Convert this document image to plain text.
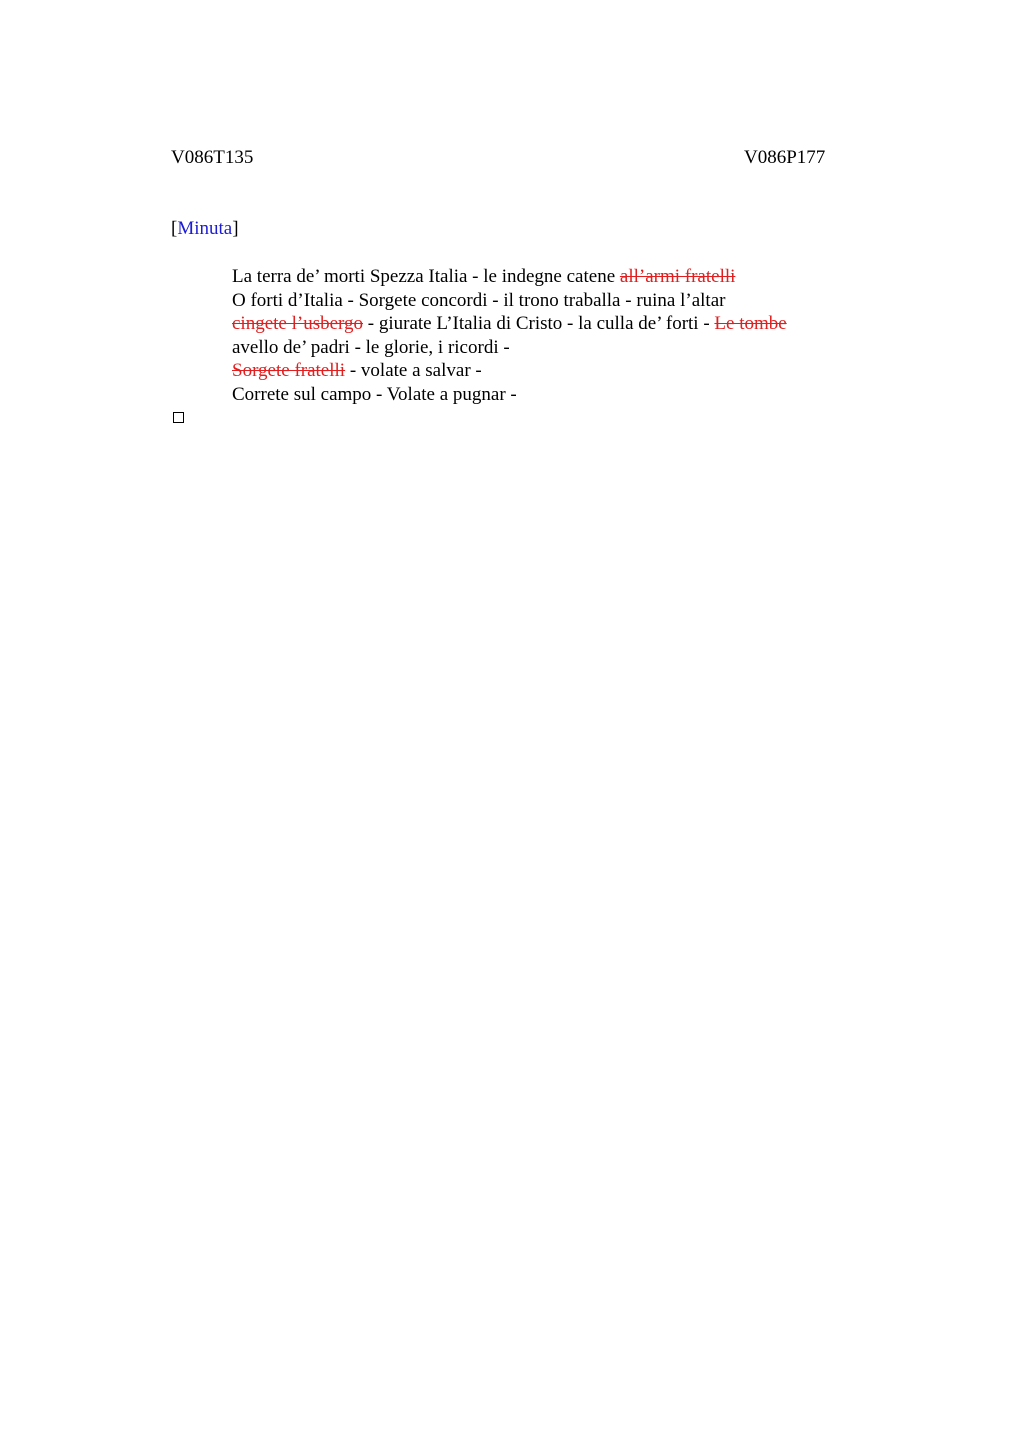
V086T135	V086P177
[Minuta]
La terra de’ morti Spezza Italia - le indegne catene all’armi fratelli
O forti d’Italia - Sorgete concordi - il trono traballa - ruina l’altar
cingete l’usbergo - giurate L’Italia di Cristo - la culla de’ forti - Le tombe
avello de’ padri - le glorie, i ricordi -
Sorgete fratelli - volate a salvar -
Correte sul campo - Volate a pugnar -
